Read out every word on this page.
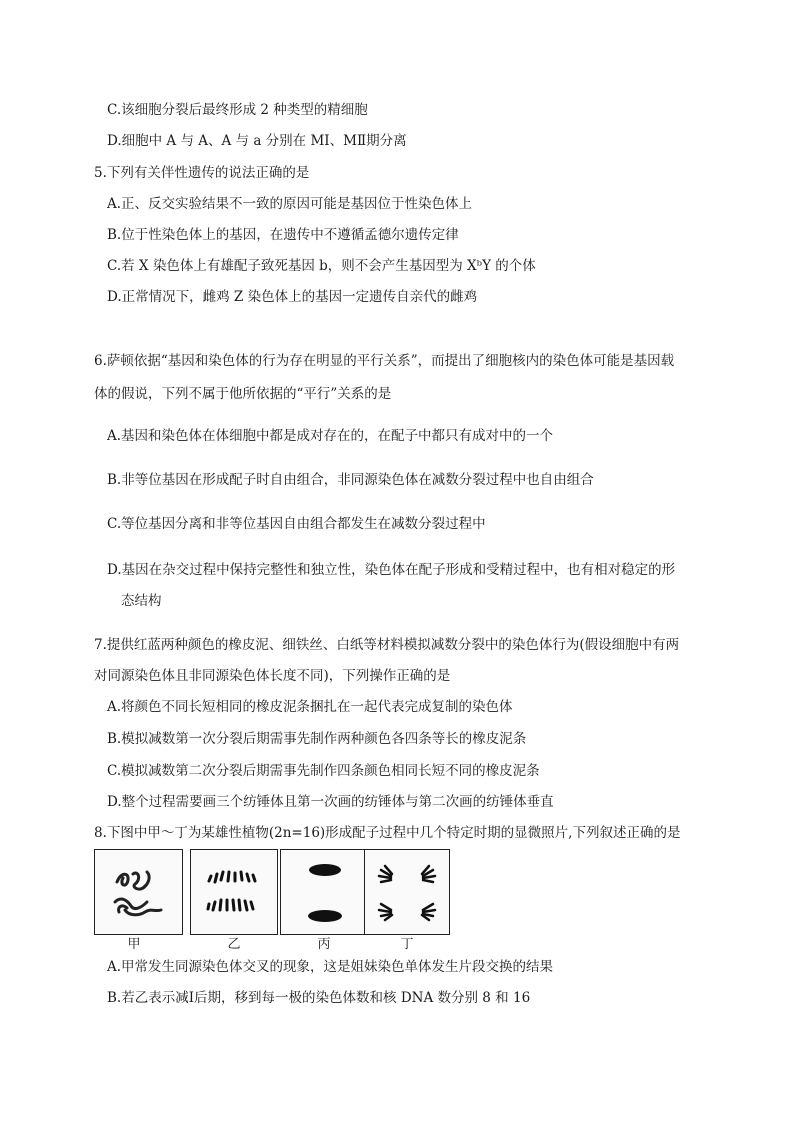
C.该细胞分裂后最终形成 2 种类型的精细胞
D.细胞中 A 与 A、A 与 a 分别在 MI、MⅡ期分离
5.下列有关伴性遗传的说法正确的是
A.正、反交实验结果不一致的原因可能是基因位于性染色体上
B.位于性染色体上的基因，在遗传中不遵循孟德尔遗传定律
C.若 X 染色体上有雄配子致死基因 b，则不会产生基因型为 XᵇY 的个体
D.正常情况下，雌鸡 Z 染色体上的基因一定遗传自亲代的雌鸡
6.萨顿依据“基因和染色体的行为存在明显的平行关系”，而提出了细胞核内的染色体可能是基因载
体的假说，下列不属于他所依据的“平行”关系的是
A.基因和染色体在体细胞中都是成对存在的，在配子中都只有成对中的一个
B.非等位基因在形成配子时自由组合，非同源染色体在减数分裂过程中也自由组合
C.等位基因分离和非等位基因自由组合都发生在减数分裂过程中
D.基因在杂交过程中保持完整性和独立性，染色体在配子形成和受精过程中，也有相对稳定的形
态结构
7.提供红蓝两种颜色的橡皮泥、细铁丝、白纸等材料模拟减数分裂中的染色体行为(假设细胞中有两
对同源染色体且非同源染色体长度不同)，下列操作正确的是
A.将颜色不同长短相同的橡皮泥条捆扎在一起代表完成复制的染色体
B.模拟减数第一次分裂后期需事先制作两种颜色各四条等长的橡皮泥条
C.模拟减数第二次分裂后期需事先制作四条颜色相同长短不同的橡皮泥条
D.整个过程需要画三个纺锤体且第一次画的纺锤体与第二次画的纺锤体垂直
8.下图中甲～丁为某雄性植物(2n=16)形成配子过程中几个特定时期的显微照片,下列叙述正确的是
甲	乙	丙	丁
A.甲常发生同源染色体交叉的现象，这是姐妹染色单体发生片段交换的结果
B.若乙表示减Ⅰ后期，移到每一极的染色体数和核 DNA 数分别 8 和 16
